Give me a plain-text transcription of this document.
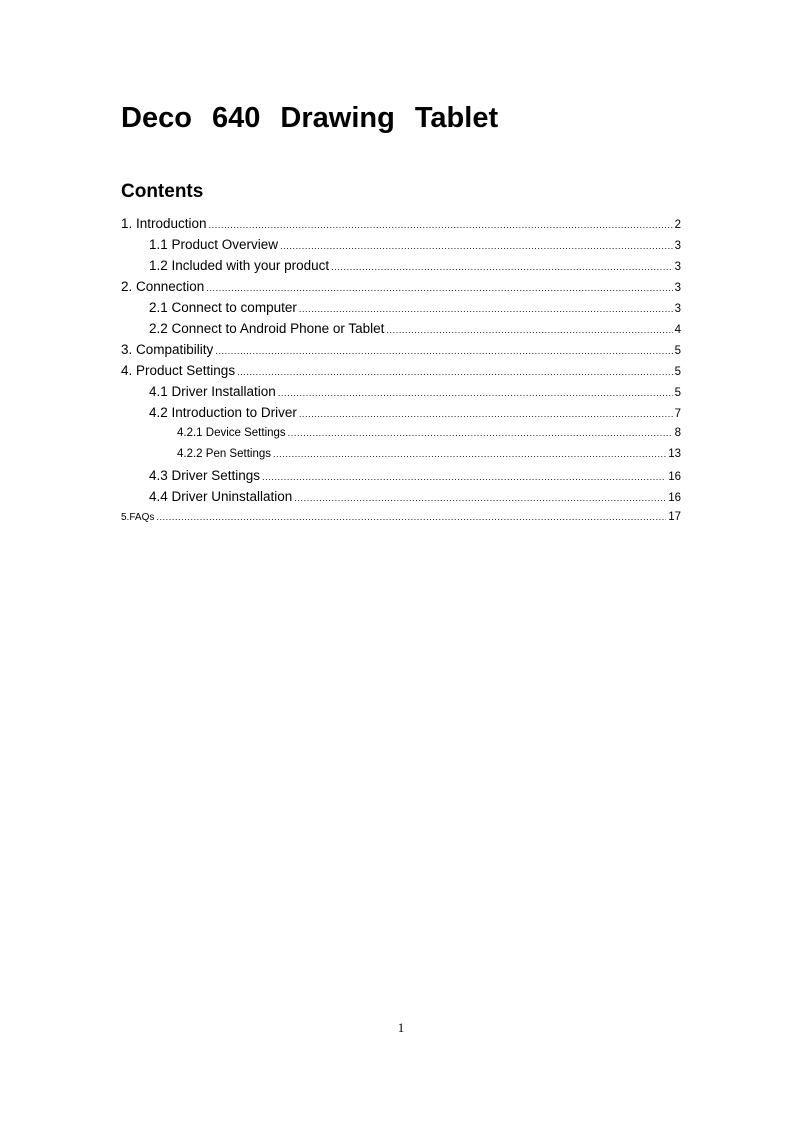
Deco 640 Drawing Tablet
Contents
1. Introduction .....	2
1.1 Product Overview .....	3
1.2 Included with your product .....	3
2. Connection .....	3
2.1 Connect to computer .....	3
2.2 Connect to Android Phone or Tablet .....	4
3. Compatibility .....	5
4. Product Settings .....	5
4.1 Driver Installation .....	5
4.2 Introduction to Driver .....	7
4.2.1 Device Settings .....	8
4.2.2 Pen Settings .....	13
4.3 Driver Settings .....	16
4.4 Driver Uninstallation .....	16
5.FAQs .....	17
1
